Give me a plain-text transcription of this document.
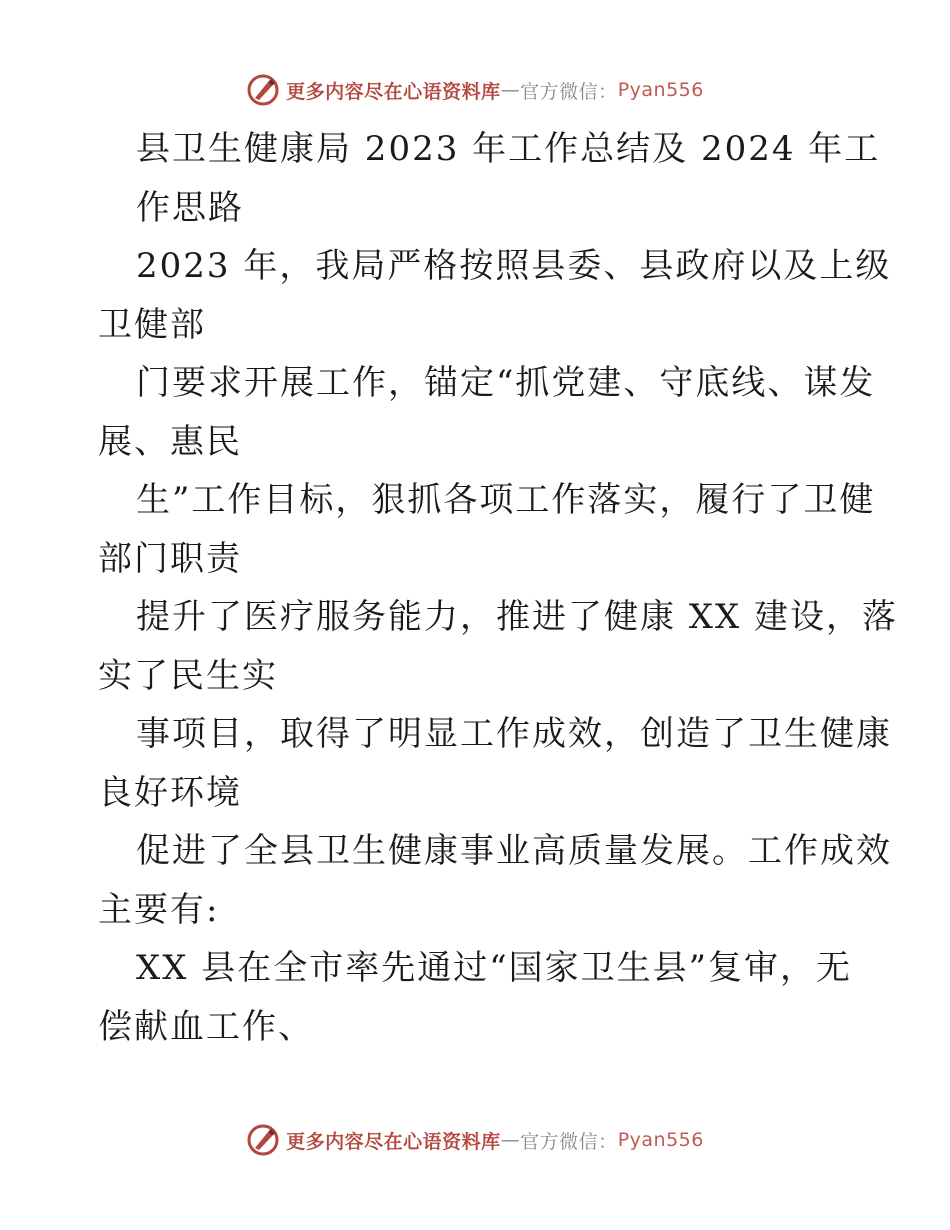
更多内容尽在心语资料库 — 官方微信： Pyan556
县卫生健康局 2023 年工作总结及 2024 年工
作思路
2023 年，我局严格按照县委、县政府以及上级
卫健部
门要求开展工作，锚定“抓党建、守底线、谋发
展、惠民
生”工作目标，狠抓各项工作落实，履行了卫健
部门职责
提升了医疗服务能力，推进了健康 XX 建设，落
实了民生实
事项目，取得了明显工作成效，创造了卫生健康
良好环境
促进了全县卫生健康事业高质量发展。工作成效
主要有:
XX 县在全市率先通过“国家卫生县”复审，无
偿献血工作、
更多内容尽在心语资料库 — 官方微信： Pyan556
